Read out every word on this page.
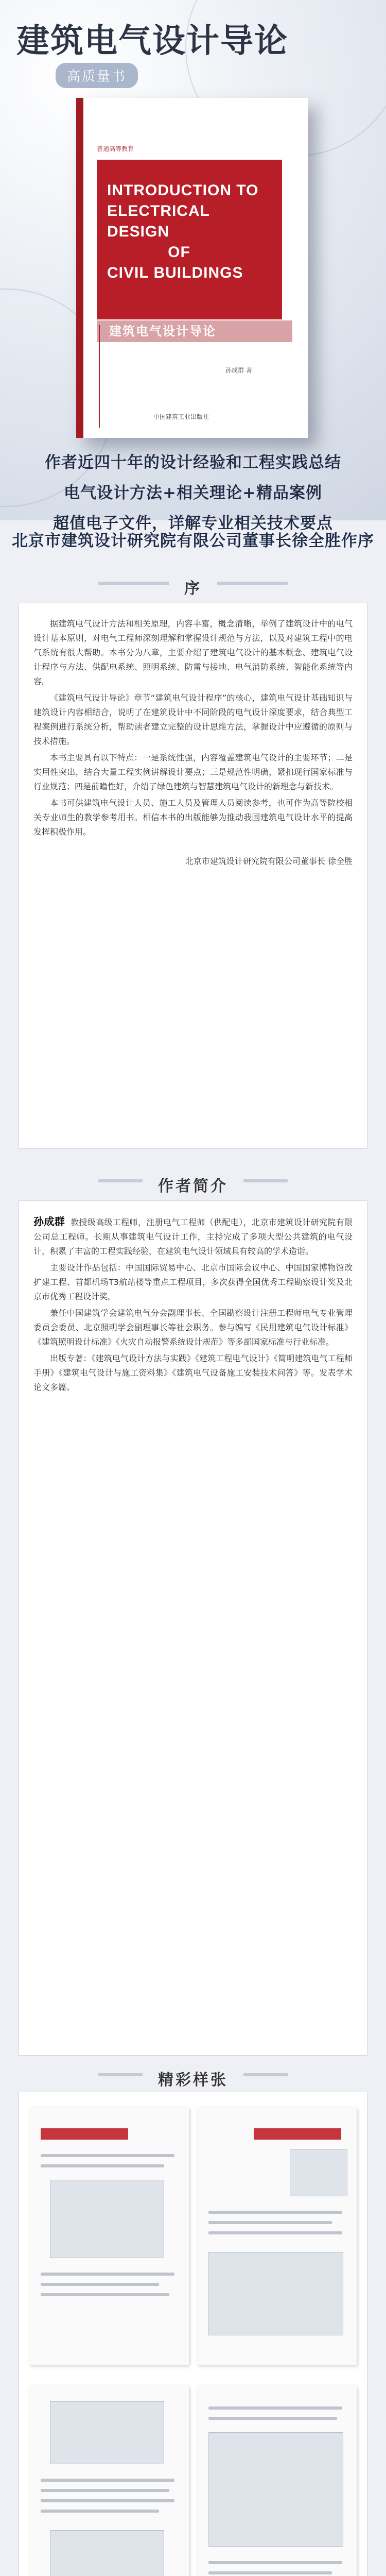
建筑电气设计导论
高质量书
普通高等教育
INTRODUCTION TO
ELECTRICAL DESIGN
OF
CIVIL BUILDINGS
建筑电气设计导论
孙成群 著
中国建筑工业出版社
作者近四十年的设计经验和工程实践总结
电气设计方法+相关理论+精品案例
超值电子文件，详解专业相关技术要点
北京市建筑设计研究院有限公司董事长徐全胜作序
序

据建筑电气设计方法和相关原理，内容丰富，概念清晰，举例了建筑设计中的电气设计基本原则，对电气工程师深刻理解和掌握设计规范与方法，以及对建筑工程中的电气系统有很大帮助。本书分为八章，主要介绍了建筑电气设计的基本概念、建筑电气设计程序与方法、供配电系统、照明系统、防雷与接地、电气消防系统、智能化系统等内容。

《建筑电气设计导论》章节“建筑电气设计程序”的核心，建筑电气设计基础知识与建筑设计内容相结合，说明了在建筑设计中不同阶段的电气设计深度要求，结合典型工程案例进行系统分析，帮助读者建立完整的设计思维方法，掌握设计中应遵循的原则与技术措施。

本书主要具有以下特点：一是系统性强，内容覆盖建筑电气设计的主要环节；二是实用性突出，结合大量工程实例讲解设计要点；三是规范性明确，紧扣现行国家标准与行业规范；四是前瞻性好，介绍了绿色建筑与智慧建筑电气设计的新理念与新技术。

本书可供建筑电气设计人员、施工人员及管理人员阅读参考，也可作为高等院校相关专业师生的教学参考用书。相信本书的出版能够为推动我国建筑电气设计水平的提高发挥积极作用。

北京市建筑设计研究院有限公司董事长 徐全胜
作者简介

孙成群 教授级高级工程师，注册电气工程师（供配电），北京市建筑设计研究院有限公司总工程师。长期从事建筑电气设计工作，主持完成了多项大型公共建筑的电气设计，积累了丰富的工程实践经验，在建筑电气设计领域具有较高的学术造诣。

主要设计作品包括：中国国际贸易中心、北京市国际会议中心、中国国家博物馆改扩建工程、首都机场T3航站楼等重点工程项目，多次获得全国优秀工程勘察设计奖及北京市优秀工程设计奖。

兼任中国建筑学会建筑电气分会副理事长、全国勘察设计注册工程师电气专业管理委员会委员、北京照明学会副理事长等社会职务。参与编写《民用建筑电气设计标准》《建筑照明设计标准》《火灾自动报警系统设计规范》等多部国家标准与行业标准。

出版专著：《建筑电气设计方法与实践》《建筑工程电气设计》《简明建筑电气工程师手册》《建筑电气设计与施工资料集》《建筑电气设备施工安装技术问答》等。发表学术论文多篇。

精彩样张
